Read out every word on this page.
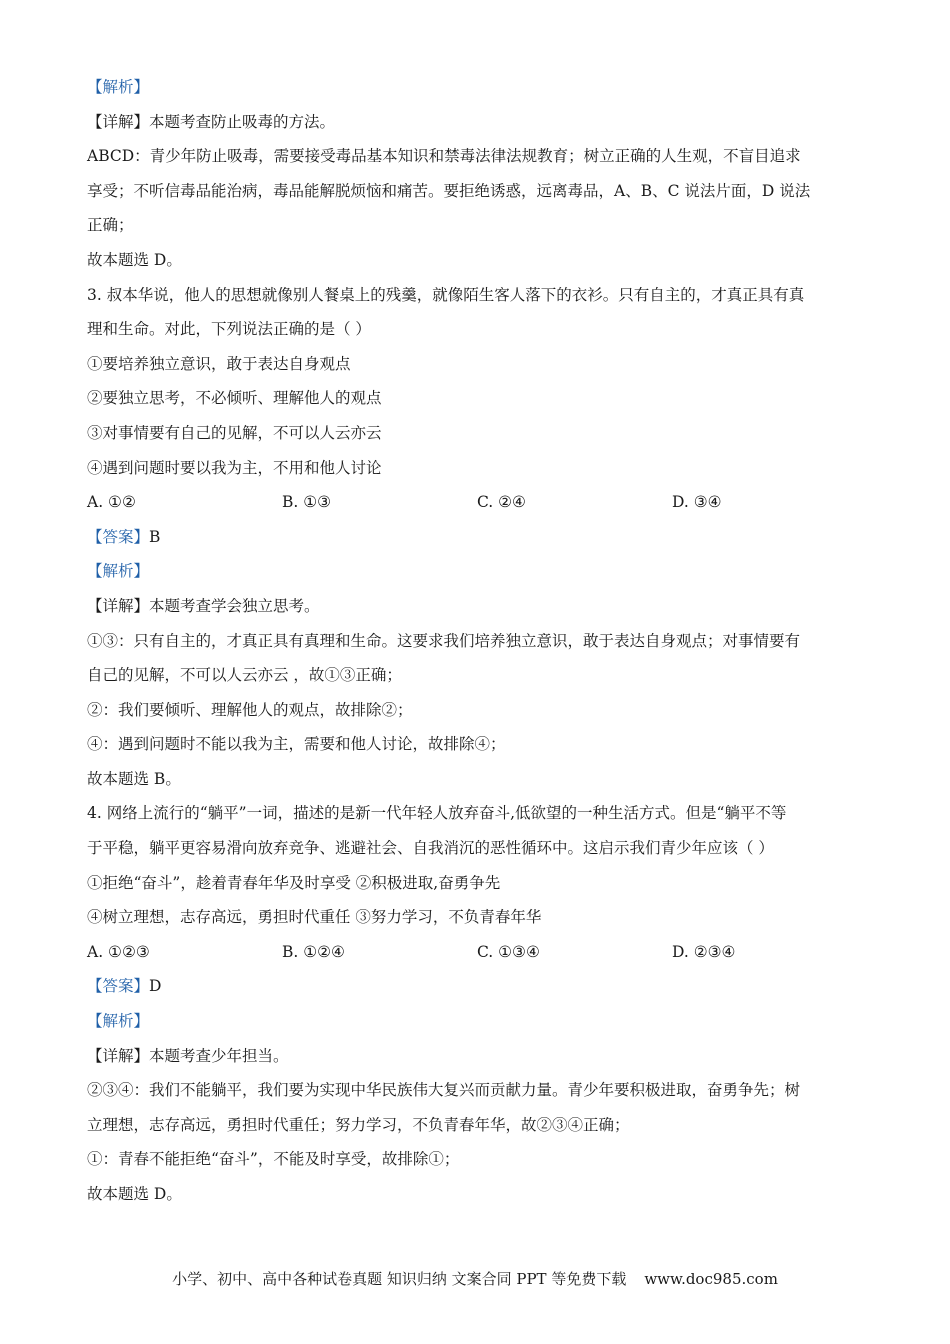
【解析】
【详解】本题考查防止吸毒的方法。
ABCD：青少年防止吸毒，需要接受毒品基本知识和禁毒法律法规教育；树立正确的人生观，不盲目追求
享受；不听信毒品能治病，毒品能解脱烦恼和痛苦。要拒绝诱惑，远离毒品，A、B、C 说法片面，D 说法
正确；
故本题选 D。
3. 叔本华说，他人的思想就像别人餐桌上的残羹，就像陌生客人落下的衣衫。只有自主的，才真正具有真
理和生命。对此，下列说法正确的是（ ）
①要培养独立意识，敢于表达自身观点
②要独立思考，不必倾听、理解他人的观点
③对事情要有自己的见解，不可以人云亦云
④遇到问题时要以我为主，不用和他人讨论
A. ①②	B. ①③	C. ②④	D. ③④
【答案】B
【解析】
【详解】本题考查学会独立思考。
①③：只有自主的，才真正具有真理和生命。这要求我们培养独立意识，敢于表达自身观点；对事情要有
自己的见解，不可以人云亦云 ，故①③正确；
②：我们要倾听、理解他人的观点，故排除②；
④：遇到问题时不能以我为主，需要和他人讨论，故排除④；
故本题选 B。
4. 网络上流行的“躺平”一词，描述的是新一代年轻人放弃奋斗,低欲望的一种生活方式。但是“躺平不等
于平稳，躺平更容易滑向放弃竞争、逃避社会、自我消沉的恶性循环中。这启示我们青少年应该（ ）
①拒绝“奋斗”，趁着青春年华及时享受 ②积极进取,奋勇争先
④树立理想，志存高远，勇担时代重任 ③努力学习，不负青春年华
A. ①②③	B. ①②④	C. ①③④	D. ②③④
【答案】D
【解析】
【详解】本题考查少年担当。
②③④：我们不能躺平，我们要为实现中华民族伟大复兴而贡献力量。青少年要积极进取，奋勇争先；树
立理想，志存高远，勇担时代重任；努力学习，不负青春年华，故②③④正确；
①：青春不能拒绝“奋斗”，不能及时享受，故排除①；
故本题选 D。
小学、初中、高中各种试卷真题 知识归纳 文案合同 PPT 等免费下载 www.doc985.com
